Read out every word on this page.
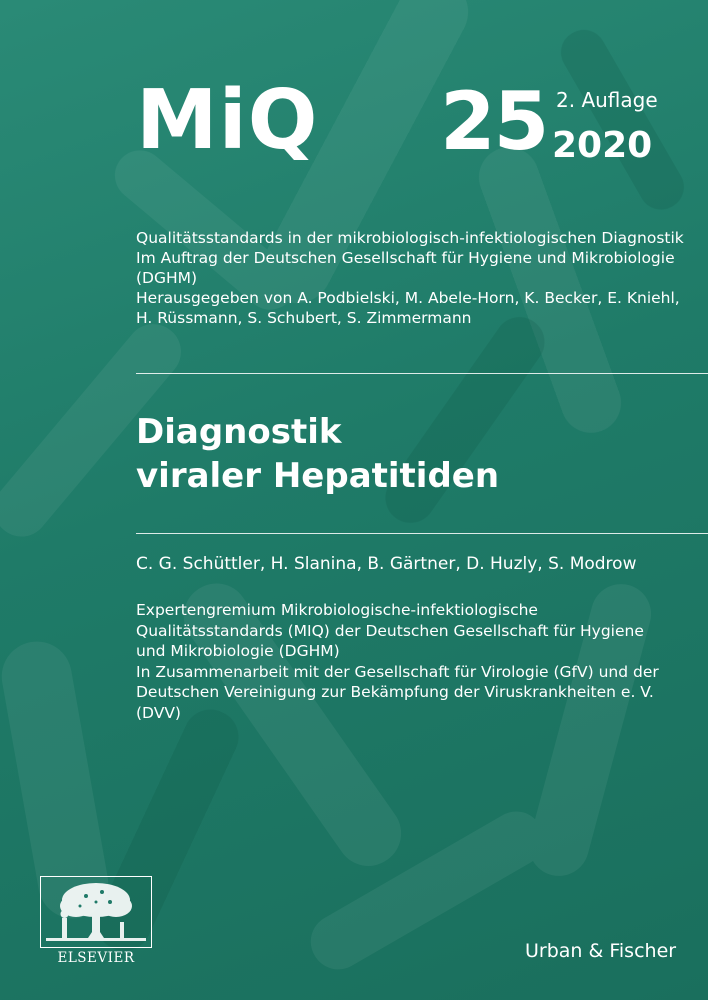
MiQ 25 2. Auflage
2020
Qualitätsstandards in der mikrobiologisch-infektiologischen Diagnostik
Im Auftrag der Deutschen Gesellschaft für Hygiene und Mikrobiologie
(DGHM)
Herausgegeben von A. Podbielski, M. Abele-Horn, K. Becker, E. Kniehl,
H. Rüssmann, S. Schubert, S. Zimmermann
Diagnostik
viraler Hepatitiden
C. G. Schüttler, H. Slanina, B. Gärtner, D. Huzly, S. Modrow
Expertengremium Mikrobiologische-infektiologische
Qualitätsstandards (MIQ) der Deutschen Gesellschaft für Hygiene
und Mikrobiologie (DGHM)
In Zusammenarbeit mit der Gesellschaft für Virologie (GfV) und der
Deutschen Vereinigung zur Bekämpfung der Viruskrankheiten e. V.
(DVV)
ELSEVIER	Urban & Fischer
